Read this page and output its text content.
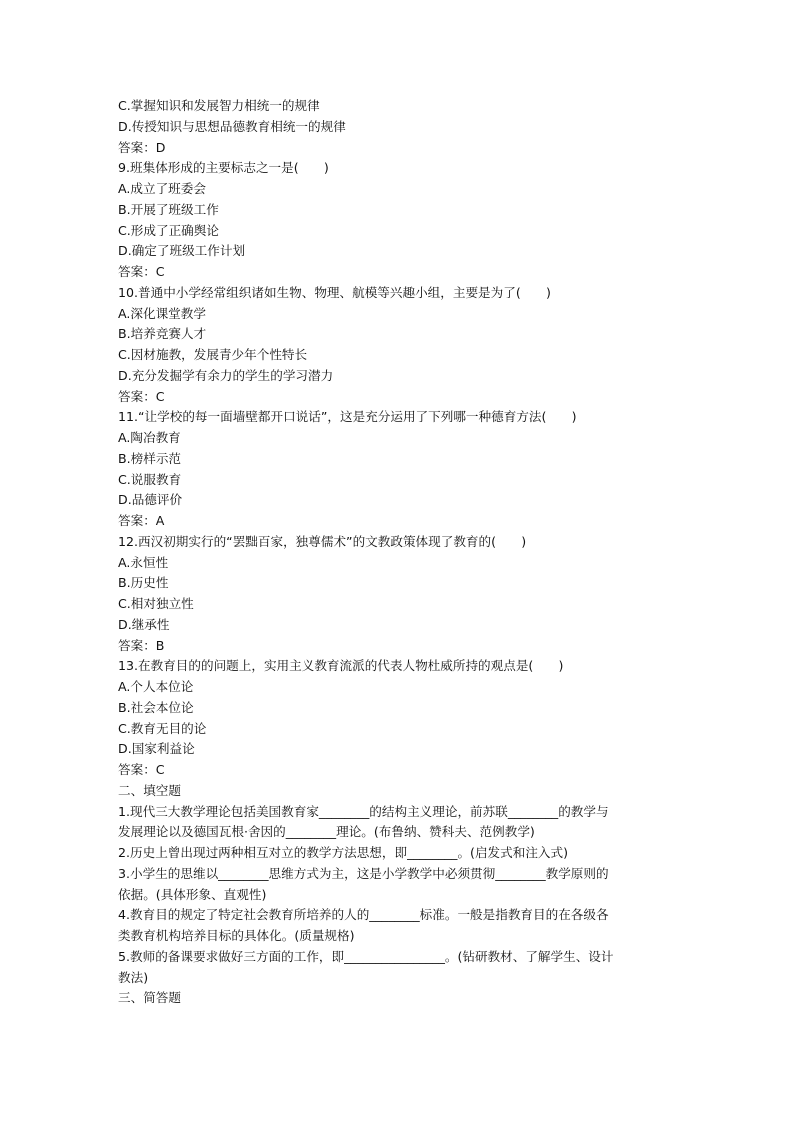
C.掌握知识和发展智力相统一的规律
D.传授知识与思想品德教育相统一的规律
答案：D
9.班集体形成的主要标志之一是(　　)
A.成立了班委会
B.开展了班级工作
C.形成了正确舆论
D.确定了班级工作计划
答案：C
10.普通中小学经常组织诸如生物、物理、航模等兴趣小组，主要是为了(　　)
A.深化课堂教学
B.培养竞赛人才
C.因材施教，发展青少年个性特长
D.充分发掘学有余力的学生的学习潜力
答案：C
11.“让学校的每一面墙壁都开口说话”，这是充分运用了下列哪一种德育方法(　　)
A.陶冶教育
B.榜样示范
C.说服教育
D.品德评价
答案：A
12.西汉初期实行的“罢黜百家，独尊儒术”的文教政策体现了教育的(　　)
A.永恒性
B.历史性
C.相对独立性
D.继承性
答案：B
13.在教育目的的问题上，实用主义教育流派的代表人物杜威所持的观点是(　　)
A.个人本位论
B.社会本位论
C.教育无目的论
D.国家利益论
答案：C
二、填空题
1.现代三大教学理论包括美国教育家________的结构主义理论，前苏联________的教学与
发展理论以及德国瓦根·舍因的________理论。(布鲁纳、赞科夫、范例教学)
2.历史上曾出现过两种相互对立的教学方法思想，即________。(启发式和注入式)
3.小学生的思维以________思维方式为主，这是小学教学中必须贯彻________教学原则的
依据。(具体形象、直观性)
4.教育目的规定了特定社会教育所培养的人的________标准。一般是指教育目的在各级各
类教育机构培养目标的具体化。(质量规格)
5.教师的备课要求做好三方面的工作，即________________。(钻研教材、了解学生、设计
教法)
三、简答题
